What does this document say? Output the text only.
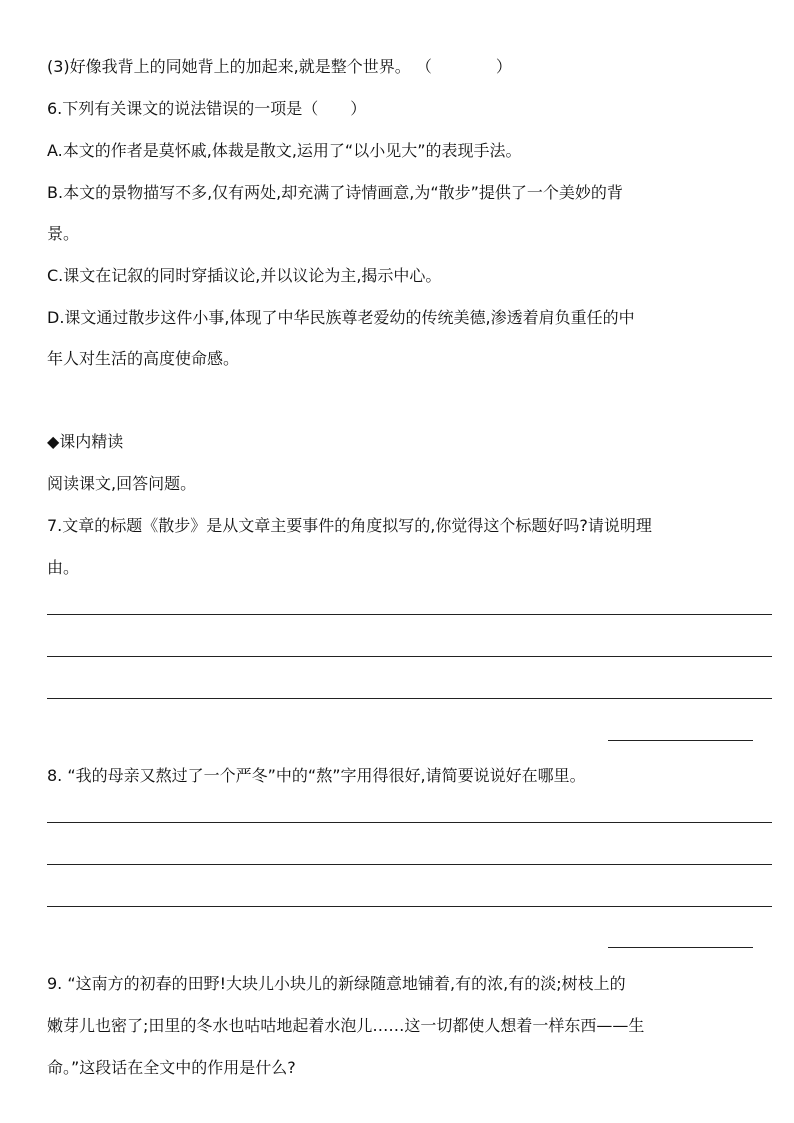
(3)好像我背上的同她背上的加起来,就是整个世界。 （　　　　）
6.下列有关课文的说法错误的一项是（　　）
A.本文的作者是莫怀戚,体裁是散文,运用了“以小见大”的表现手法。
B.本文的景物描写不多,仅有两处,却充满了诗情画意,为“散步”提供了一个美妙的背
景。
C.课文在记叙的同时穿插议论,并以议论为主,揭示中心。
D.课文通过散步这件小事,体现了中华民族尊老爱幼的传统美德,渗透着肩负重任的中
年人对生活的高度使命感。
◆课内精读
阅读课文,回答问题。
7.文章的标题《散步》是从文章主要事件的角度拟写的,你觉得这个标题好吗?请说明理
由。
8. “我的母亲又熬过了一个严冬”中的“熬”字用得很好,请简要说说好在哪里。
9. “这南方的初春的田野!大块儿小块儿的新绿随意地铺着,有的浓,有的淡;树枝上的
嫩芽儿也密了;田里的冬水也咕咕地起着水泡儿……这一切都使人想着一样东西——生
命。”这段话在全文中的作用是什么?
